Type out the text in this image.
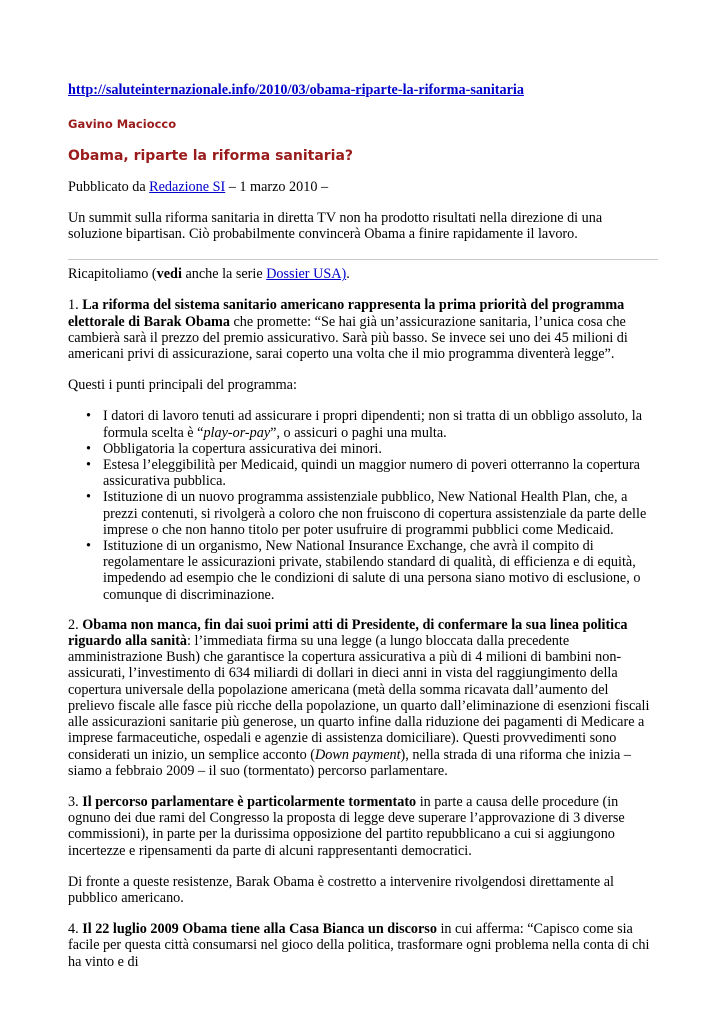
http://saluteinternazionale.info/2010/03/obama-riparte-la-riforma-sanitaria
Gavino Maciocco
Obama, riparte la riforma sanitaria?

Pubblicato da Redazione SI – 1 marzo 2010 –

Un summit sulla riforma sanitaria in diretta TV non ha prodotto risultati nella direzione di una soluzione bipartisan. Ciò probabilmente convincerà Obama a finire rapidamente il lavoro.

Ricapitoliamo (vedi anche la serie Dossier USA).

1. La riforma del sistema sanitario americano rappresenta la prima priorità del programma elettorale di Barak Obama che promette: “Se hai già un’assicurazione sanitaria, l’unica cosa che cambierà sarà il prezzo del premio assicurativo. Sarà più basso. Se invece sei uno dei 45 milioni di americani privi di assicurazione, sarai coperto una volta che il mio programma diventerà legge”.

Questi i punti principali del programma:

• I datori di lavoro tenuti ad assicurare i propri dipendenti; non si tratta di un obbligo assoluto, la formula scelta è “play-or-pay”, o assicuri o paghi una multa.
• Obbligatoria la copertura assicurativa dei minori.
• Estesa l’eleggibilità per Medicaid, quindi un maggior numero di poveri otterranno la copertura assicurativa pubblica.
• Istituzione di un nuovo programma assistenziale pubblico, New National Health Plan, che, a prezzi contenuti, si rivolgerà a coloro che non fruiscono di copertura assistenziale da parte delle imprese o che non hanno titolo per poter usufruire di programmi pubblici come Medicaid.
• Istituzione di un organismo, New National Insurance Exchange, che avrà il compito di regolamentare le assicurazioni private, stabilendo standard di qualità, di efficienza e di equità, impedendo ad esempio che le condizioni di salute di una persona siano motivo di esclusione, o comunque di discriminazione.

2. Obama non manca, fin dai suoi primi atti di Presidente, di confermare la sua linea politica riguardo alla sanità: l’immediata firma su una legge (a lungo bloccata dalla precedente amministrazione Bush) che garantisce la copertura assicurativa a più di 4 milioni di bambini non-assicurati, l’investimento di 634 miliardi di dollari in dieci anni in vista del raggiungimento della copertura universale della popolazione americana (metà della somma ricavata dall’aumento del prelievo fiscale alle fasce più ricche della popolazione, un quarto dall’eliminazione di esenzioni fiscali alle assicurazioni sanitarie più generose, un quarto infine dalla riduzione dei pagamenti di Medicare a imprese farmaceutiche, ospedali e agenzie di assistenza domiciliare). Questi provvedimenti sono considerati un inizio, un semplice acconto (Down payment), nella strada di una riforma che inizia – siamo a febbraio 2009 – il suo (tormentato) percorso parlamentare.

3. Il percorso parlamentare è particolarmente tormentato in parte a causa delle procedure (in ognuno dei due rami del Congresso la proposta di legge deve superare l’approvazione di 3 diverse commissioni), in parte per la durissima opposizione del partito repubblicano a cui si aggiungono incertezze e ripensamenti da parte di alcuni rappresentanti democratici.

Di fronte a queste resistenze, Barak Obama è costretto a intervenire rivolgendosi direttamente al pubblico americano.

4. Il 22 luglio 2009 Obama tiene alla Casa Bianca un discorso in cui afferma: “Capisco come sia facile per questa città consumarsi nel gioco della politica, trasformare ogni problema nella conta di chi ha vinto e di
